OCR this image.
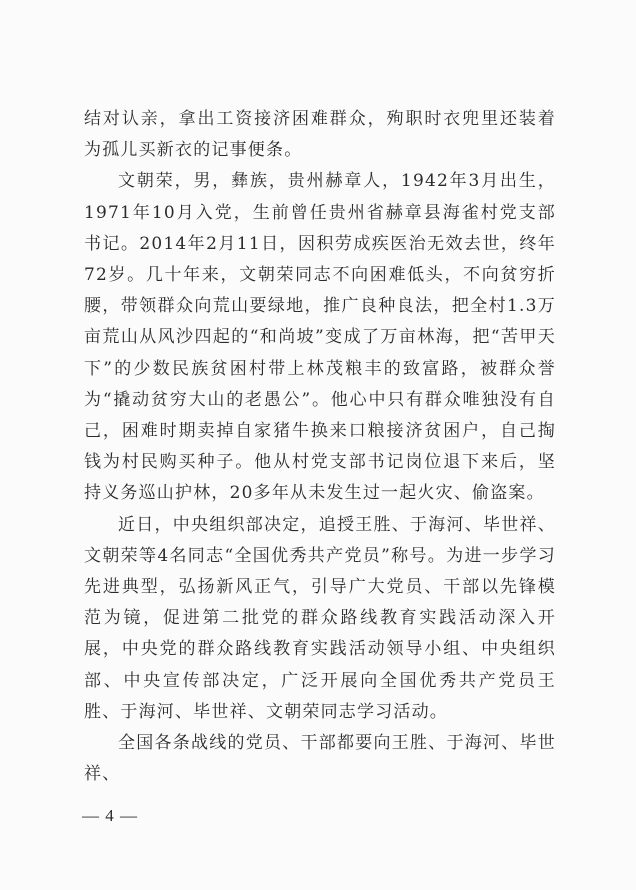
结对认亲，拿出工资接济困难群众，殉职时衣兜里还装着为孤儿买新衣的记事便条。

文朝荣，男，彝族，贵州赫章人，1942年3月出生，1971年10月入党，生前曾任贵州省赫章县海雀村党支部书记。2014年2月11日，因积劳成疾医治无效去世，终年72岁。几十年来，文朝荣同志不向困难低头，不向贫穷折腰，带领群众向荒山要绿地，推广良种良法，把全村1.3万亩荒山从风沙四起的“和尚坡”变成了万亩林海，把“苦甲天下”的少数民族贫困村带上林茂粮丰的致富路，被群众誉为“撬动贫穷大山的老愚公”。他心中只有群众唯独没有自己，困难时期卖掉自家猪牛换来口粮接济贫困户，自己掏钱为村民购买种子。他从村党支部书记岗位退下来后，坚持义务巡山护林，20多年从未发生过一起火灾、偷盗案。

近日，中央组织部决定，追授王胜、于海河、毕世祥、文朝荣等4名同志“全国优秀共产党员”称号。为进一步学习先进典型，弘扬新风正气，引导广大党员、干部以先锋模范为镜，促进第二批党的群众路线教育实践活动深入开展，中央党的群众路线教育实践活动领导小组、中央组织部、中央宣传部决定，广泛开展向全国优秀共产党员王胜、于海河、毕世祥、文朝荣同志学习活动。

全国各条战线的党员、干部都要向王胜、于海河、毕世祥、

— 4 —
